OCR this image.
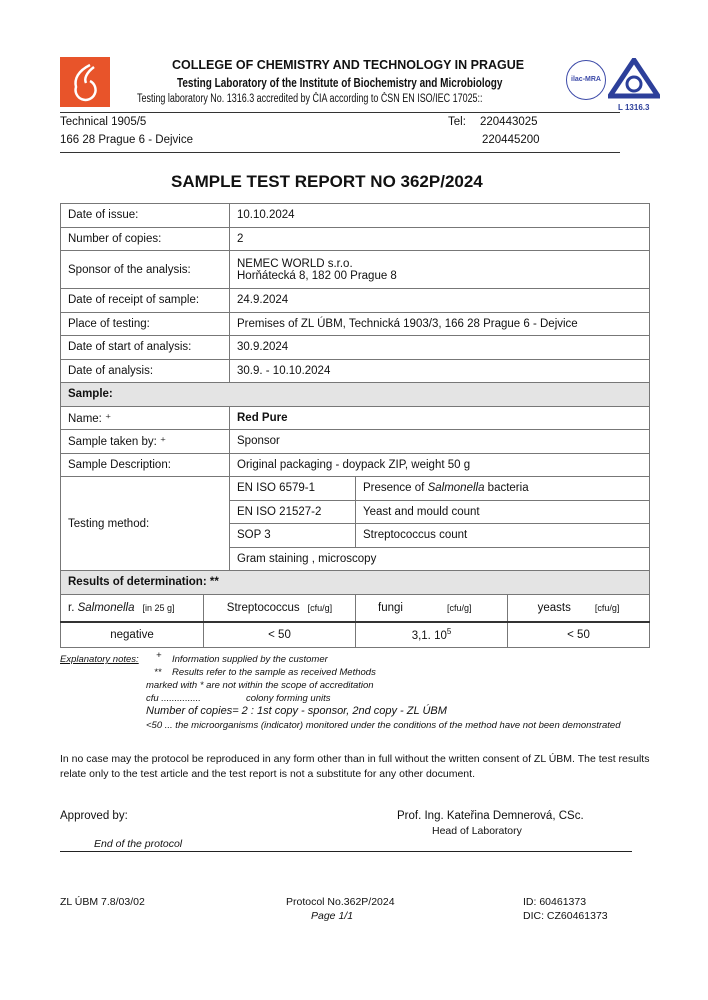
COLLEGE OF CHEMISTRY AND TECHNOLOGY IN PRAGUE
Testing Laboratory of the Institute of Biochemistry and Microbiology
Testing laboratory No. 1316.3 accredited by ČIA according to ČSN EN ISO/IEC 17025::
ilac-MRA
L 1316.3
Technical 1905/5
166 28 Prague 6 - Dejvice
Tel: 220443025
220445200
SAMPLE TEST REPORT NO 362P/2024
Date of issue:	10.10.2024	
Number of copies:	2	
Sponsor of the analysis:	NEMEC WORLD s.r.o.
Horňátecká 8, 182 00 Prague 8	

Date of receipt of sample:	24.9.2024	
Place of testing:	Premises of ZL ÚBM, Technická 1903/3, 166 28 Prague 6 - Dejvice	
Date of start of analysis:	30.9.2024	
Date of analysis:	30.9. - 10.10.2024	
Sample:		
Name: ⁺	Red Pure	
Sample taken by: ⁺	Sponsor	
Sample Description:	Original packaging - doypack ZIP, weight 50 g	
Testing method:	EN ISO 6579-1	Presence of Salmonella bacteria
	EN ISO 21527-2	Yeast and mould count
	SOP 3	Streptococcus count
	Gram staining , microscopy	
Results of determination: **		
r. Salmonella [in 25 g]	Streptococcus [cfu/g]	fungi [cfu/g]	yeasts [cfu/g]
negative	< 50	3,1. $10^5$	< 50
Explanatory notes: + Information supplied by the customer
** Results refer to the sample as received Methods
marked with * are not within the scope of accreditation
cfu ...............	colony forming units
Number of copies= 2 : 1st copy - sponsor, 2nd copy - ZL ÚBM
<50 ... the microorganisms (indicator) monitored under the conditions of the method have not been demonstrated
In no case may the protocol be reproduced in any form other than in full without the written consent of ZL ÚBM. The test results relate only to the test article and the test report is not a substitute for any other document.
Approved by:	Prof. Ing. Kateřina Demnerová, CSc.
Head of Laboratory
End of the protocol
ZL ÚBM 7.8/03/02	Protocol No.362P/2024
Page 1/1
ID: 60461373
DIC: CZ60461373
